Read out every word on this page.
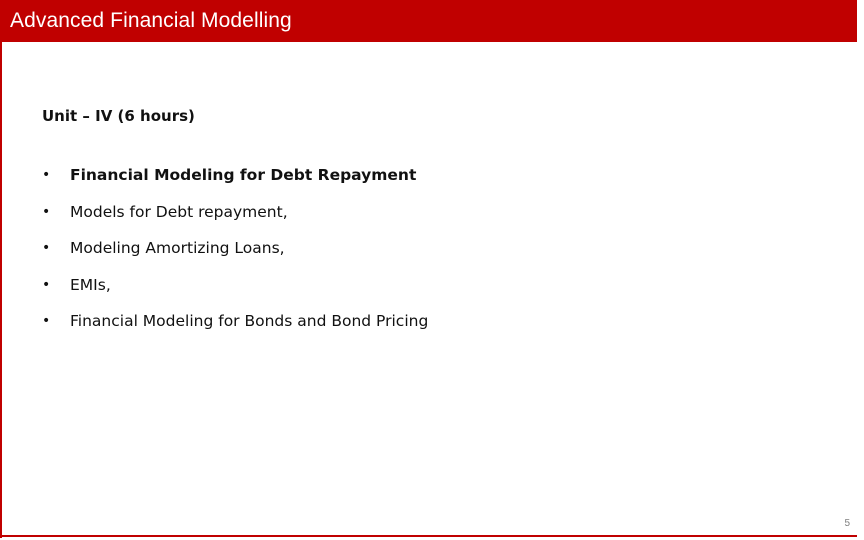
Advanced Financial Modelling

Unit – IV (6 hours)

•	Financial Modeling for Debt Repayment
•	Models for Debt repayment,
•	Modeling Amortizing Loans,
•	EMIs,
•	Financial Modeling for Bonds and Bond Pricing
5
